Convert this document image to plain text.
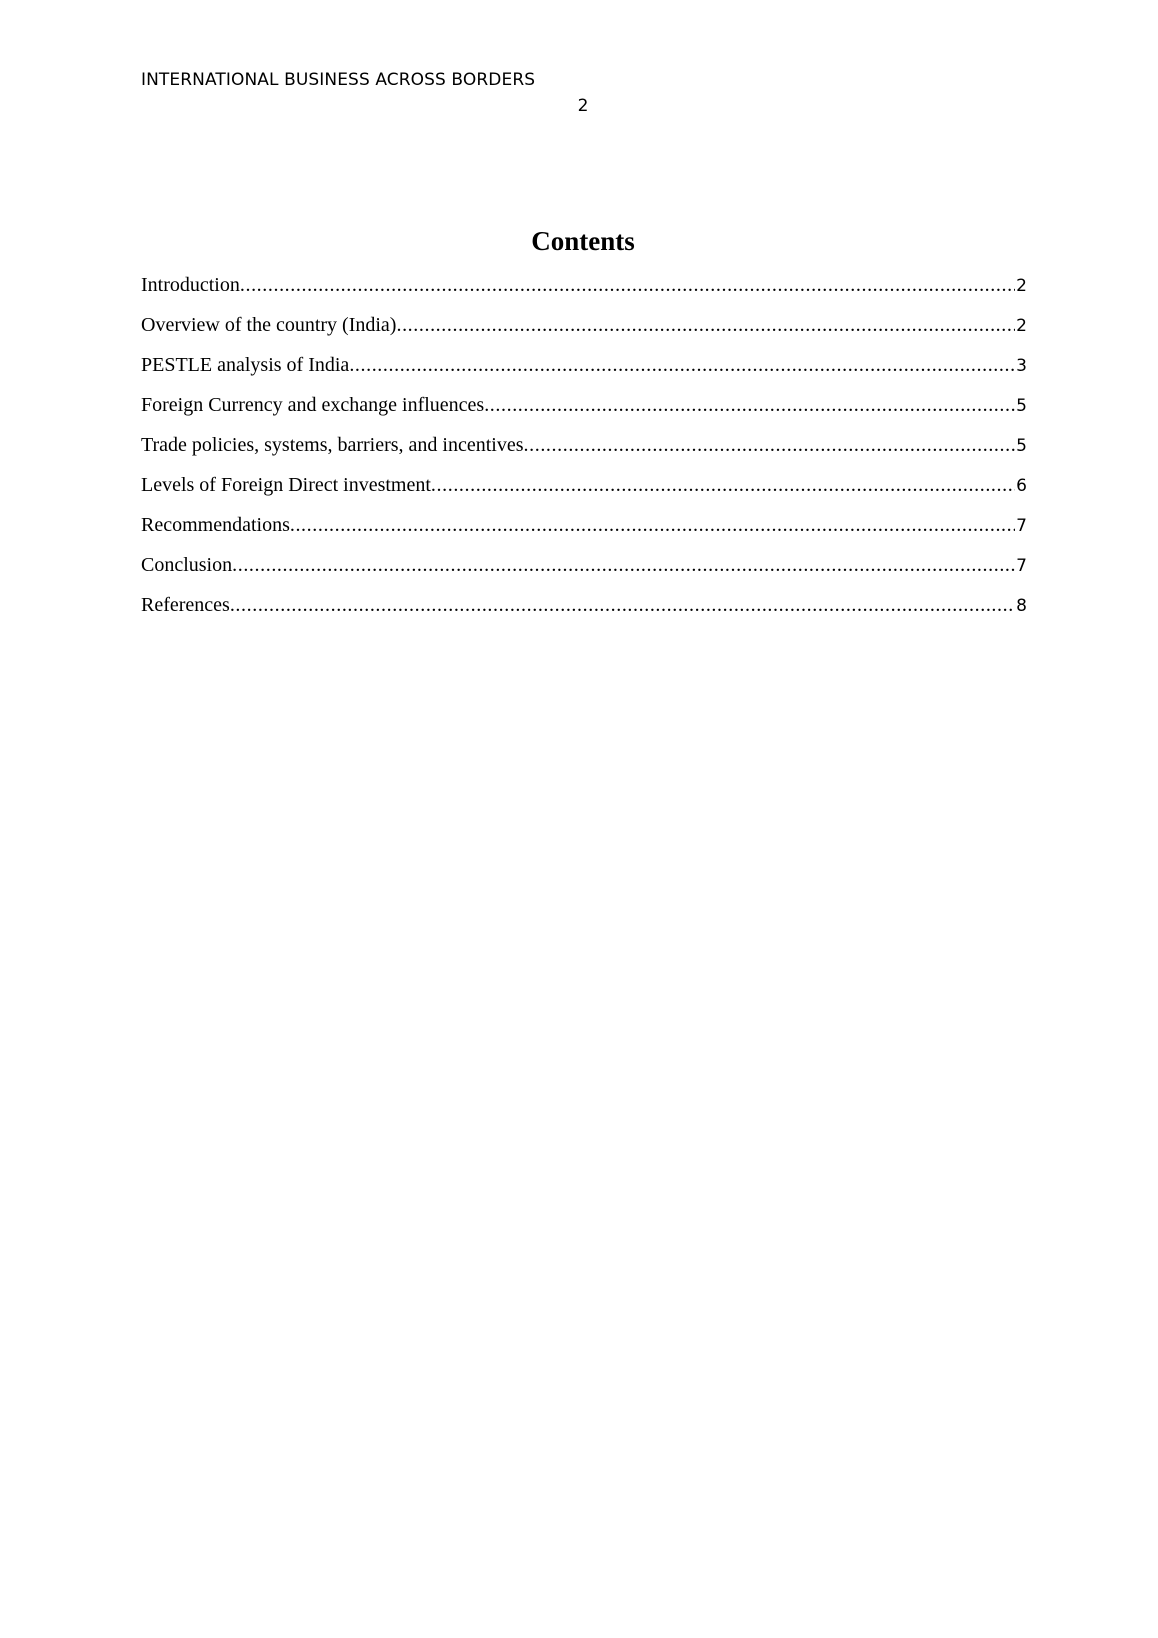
INTERNATIONAL BUSINESS ACROSS BORDERS
2
Contents
Introduction .....	2
Overview of the country (India) .....	2
PESTLE analysis of India .....	3
Foreign Currency and exchange influences .....	5
Trade policies, systems, barriers, and incentives .....	5
Levels of Foreign Direct investment .....	6
Recommendations .....	7
Conclusion .....	7
References .....	8
